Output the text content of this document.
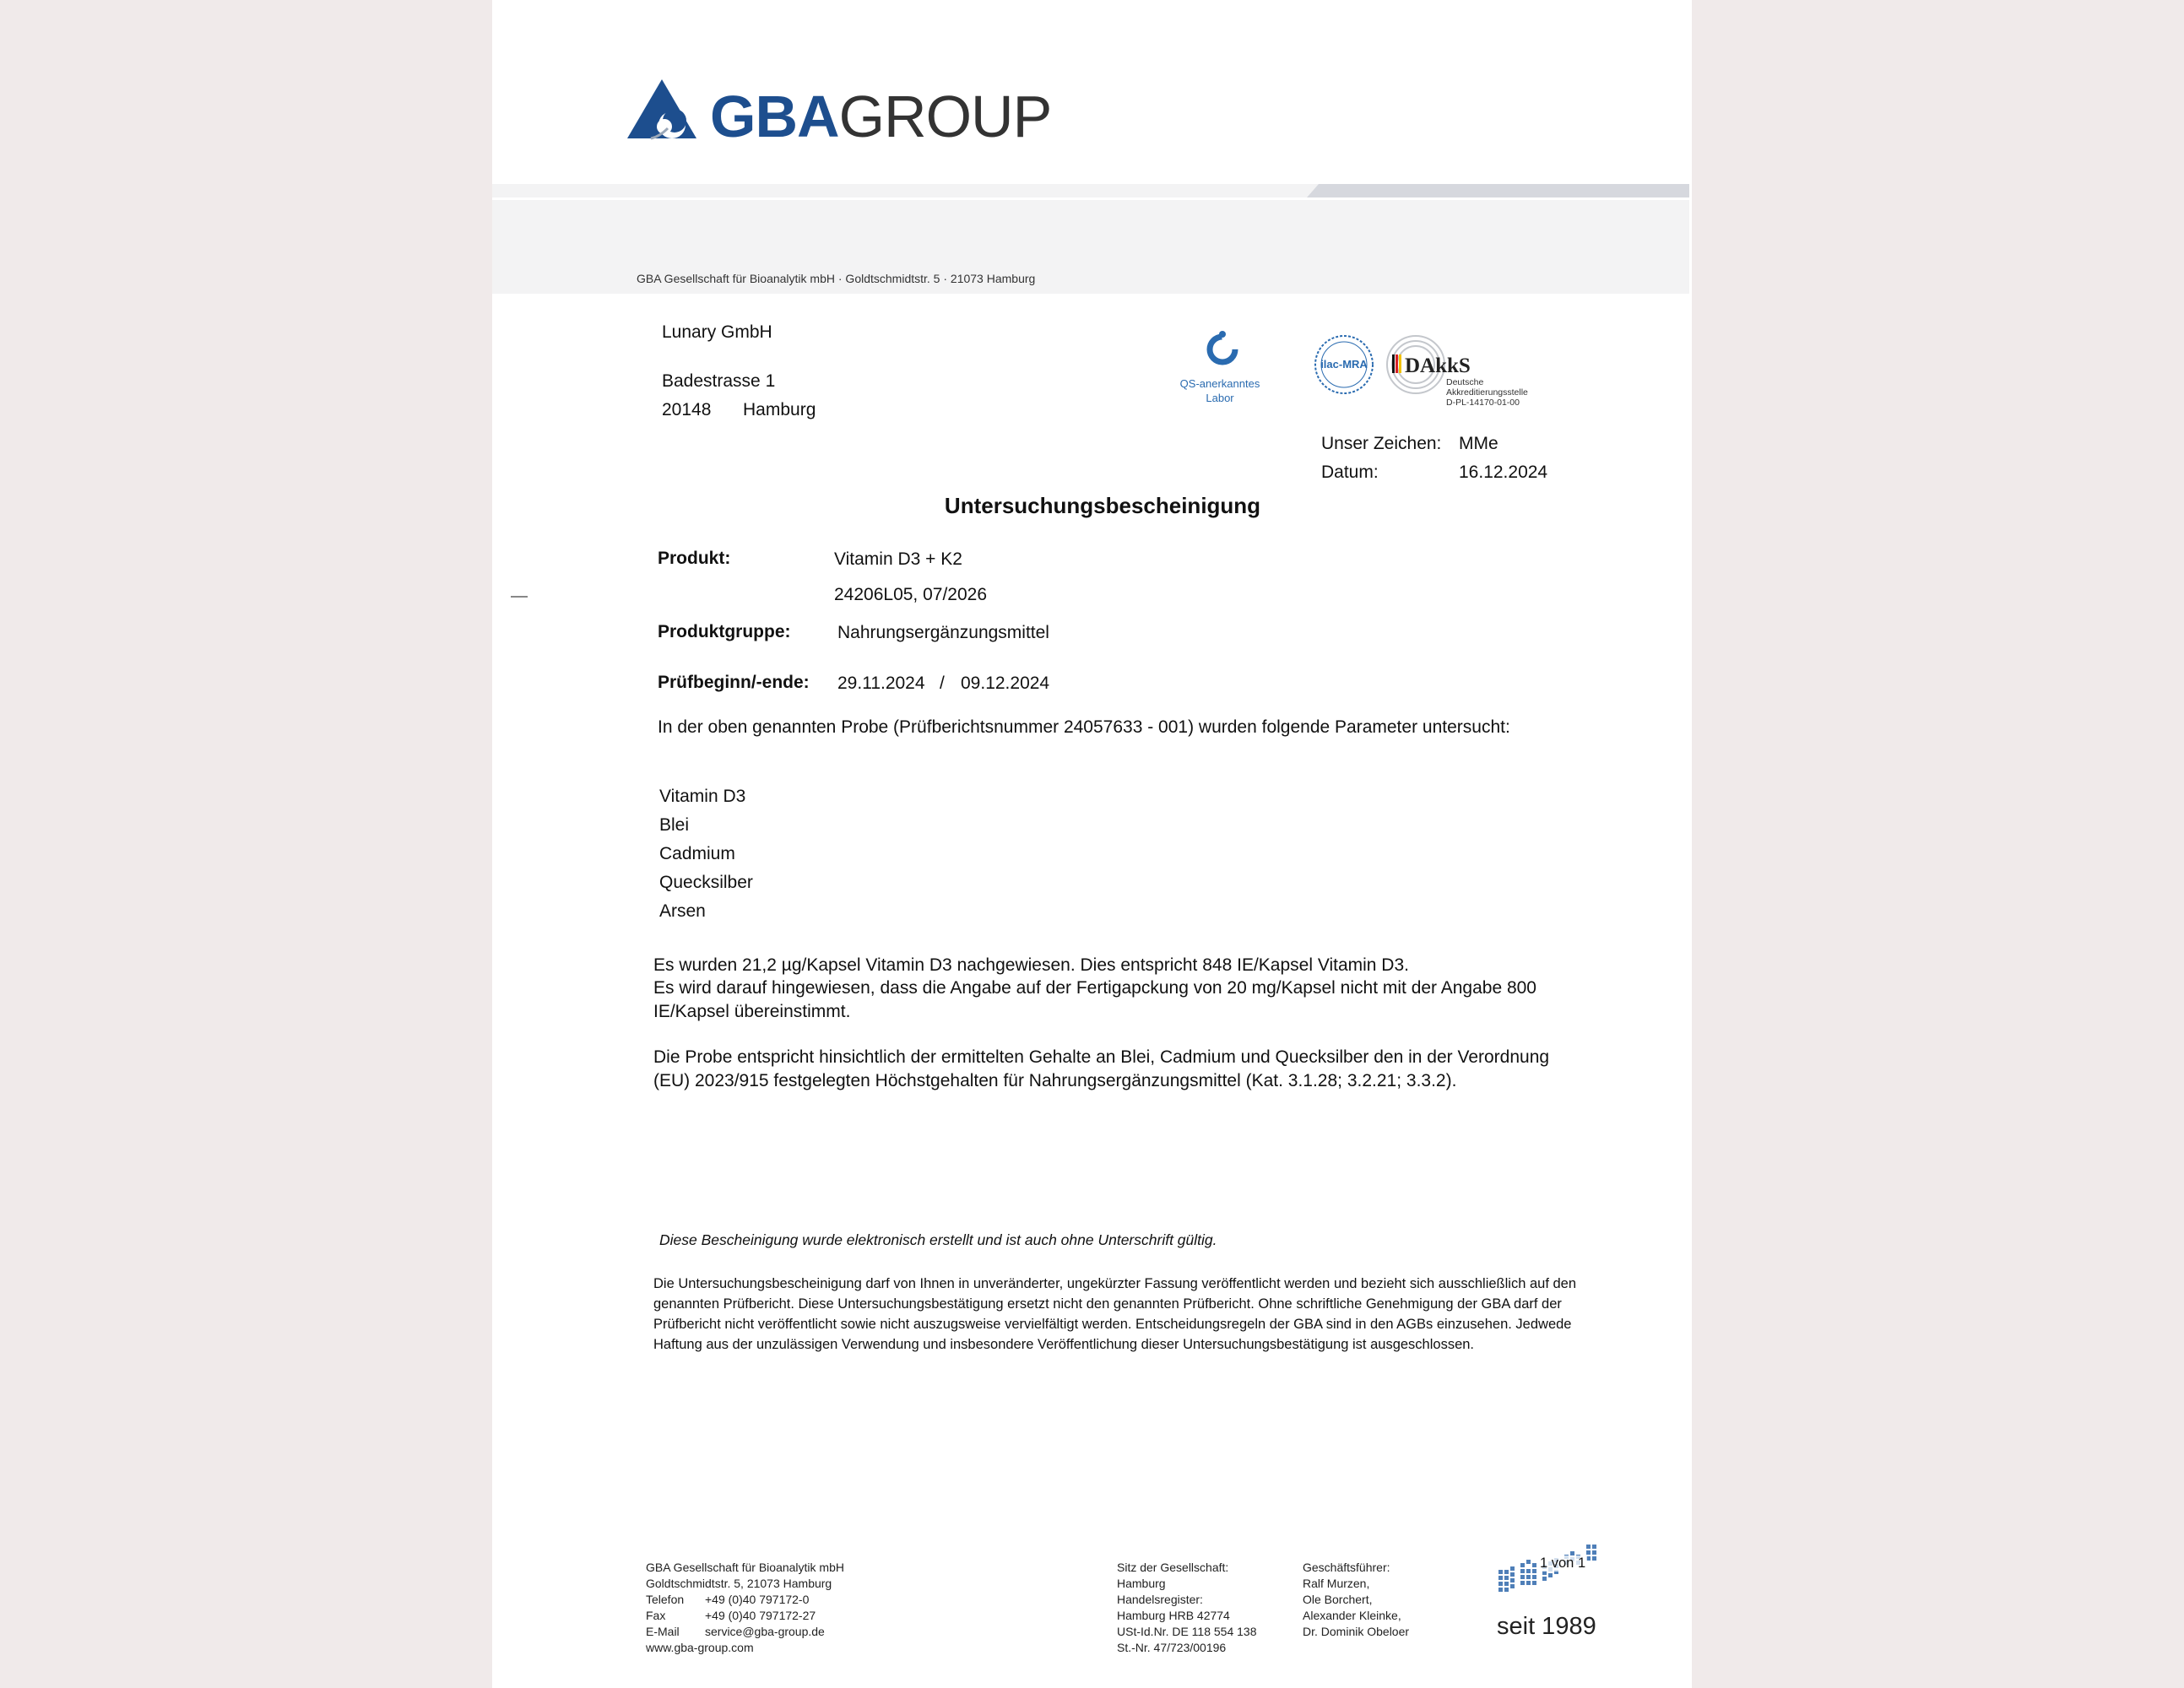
GBAGROUP
GBA Gesellschaft für Bioanalytik mbH · Goldtschmidtstr. 5 · 21073 Hamburg
Lunary GmbH
Badestrasse 1
20148 Hamburg
QS-anerkanntes
Labor
ilac-MRA	DAkkS
Deutsche
Akkreditierungsstelle
D-PL-14170-01-00
Unser Zeichen: MMe
Datum:	16.12.2024
Untersuchungsbescheinigung
Produkt:	Vitamin D3 + K2
24206L05, 07/2026
Produktgruppe:	Nahrungsergänzungsmittel
Prüfbeginn/-ende: 29.11.2024 / 09.12.2024
In der oben genannten Probe (Prüfberichtsnummer 24057633 - 001) wurden folgende Parameter untersucht:
Vitamin D3
Blei
Cadmium
Quecksilber
Arsen
Es wurden 21,2 µg/Kapsel Vitamin D3 nachgewiesen. Dies entspricht 848 IE/Kapsel Vitamin D3.
Es wird darauf hingewiesen, dass die Angabe auf der Fertigapckung von 20 mg/Kapsel nicht mit der Angabe 800 IE/Kapsel übereinstimmt.
Die Probe entspricht hinsichtlich der ermittelten Gehalte an Blei, Cadmium und Quecksilber den in der Verordnung (EU) 2023/915 festgelegten Höchstgehalten für Nahrungsergänzungsmittel (Kat. 3.1.28; 3.2.21; 3.3.2).
Diese Bescheinigung wurde elektronisch erstellt und ist auch ohne Unterschrift gültig.
Die Untersuchungsbescheinigung darf von Ihnen in unveränderter, ungekürzter Fassung veröffentlicht werden und bezieht sich ausschließlich auf den genannten Prüfbericht. Diese Untersuchungsbestätigung ersetzt nicht den genannten Prüfbericht. Ohne schriftliche Genehmigung der GBA darf der Prüfbericht nicht veröffentlicht sowie nicht auszugsweise vervielfältigt werden. Entscheidungsregeln der GBA sind in den AGBs einzusehen. Jedwede Haftung aus der unzulässigen Verwendung und insbesondere Veröffentlichung dieser Untersuchungsbestätigung ist ausgeschlossen.
GBA Gesellschaft für Bioanalytik mbH
Goldtschmidtstr. 5, 21073 Hamburg
Telefon +49 (0)40 797172-0
Fax	+49 (0)40 797172-27
E-Mail service@gba-group.de
www.gba-group.com
Sitz der Gesellschaft:
Hamburg
Handelsregister:
Hamburg HRB 42774
USt-Id.Nr. DE 118 554 138
St.-Nr. 47/723/00196
Geschäftsführer:
Ralf Murzen,
Ole Borchert,
Alexander Kleinke,
Dr. Dominik Obeloer
1 von 1
seit 1989
